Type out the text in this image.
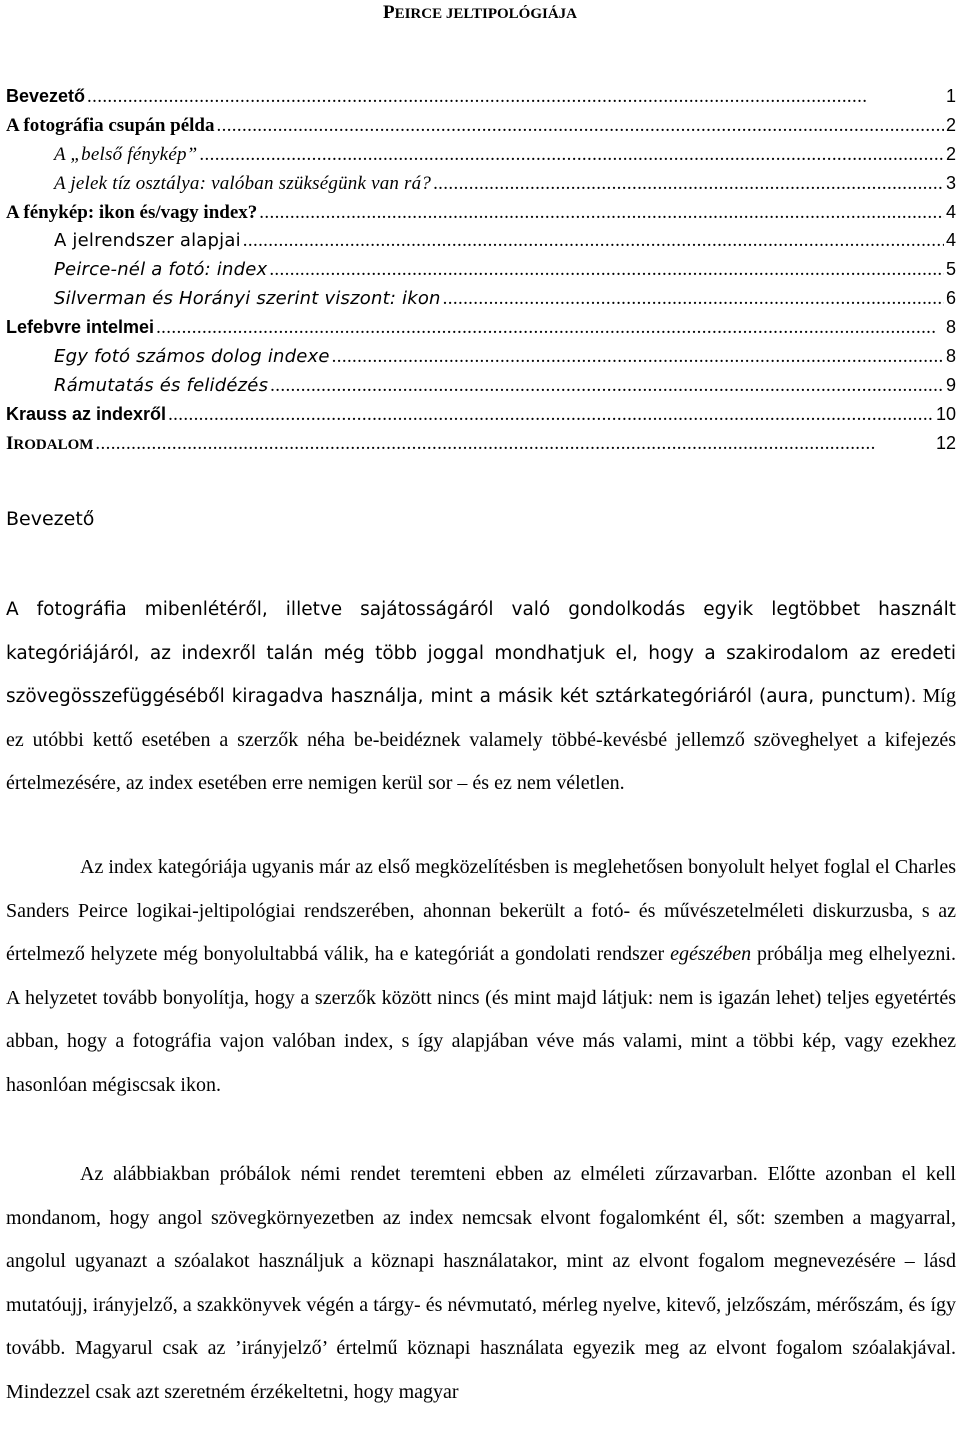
PEIRCE JELTIPOLÓGIÁJA
Bevezető . . .	1
A fotográfia csupán példa . . .	2
A „belső fénykép” . . .	2
A jelek tíz osztálya: valóban szükségünk van rá? . . .	3
A fénykép: ikon és/vagy index? . . .	4
A jelrendszer alapjai . . .	4
Peirce-nél a fotó: index . . .	5
Silverman és Horányi szerint viszont: ikon . . .	6
Lefebvre intelmei . . .	8
Egy fotó számos dolog indexe . . .	8
Rámutatás és felidézés . . .	9
Krauss az indexről . . .	10
IRODALOM . . .	12
Bevezető

A fotográfia mibenlétéről, illetve sajátosságáról való gondolkodás egyik legtöbbet használt kategóriájáról, az indexről talán még több joggal mondhatjuk el, hogy a szakirodalom az eredeti szövegösszefüggéséből kiragadva használja, mint a másik két sztárkategóriáról (aura, punctum). Míg ez utóbbi kettő esetében a szerzők néha be-beidéznek valamely többé-kevésbé jellemző szöveghelyet a kifejezés értelmezésére, az index esetében erre nemigen kerül sor – és ez nem véletlen.

Az index kategóriája ugyanis már az első megközelítésben is meglehetősen bonyolult helyet foglal el Charles Sanders Peirce logikai-jeltipológiai rendszerében, ahonnan bekerült a fotó- és művészetelméleti diskurzusba, s az értelmező helyzete még bonyolultabbá válik, ha e kategóriát a gondolati rendszer egészében próbálja meg elhelyezni. A helyzetet tovább bonyolítja, hogy a szerzők között nincs (és mint majd látjuk: nem is igazán lehet) teljes egyetértés abban, hogy a fotográfia vajon valóban index, s így alapjában véve más valami, mint a többi kép, vagy ezekhez hasonlóan mégiscsak ikon.

Az alábbiakban próbálok némi rendet teremteni ebben az elméleti zűrzavarban. Előtte azonban el kell mondanom, hogy angol szövegkörnyezetben az index nemcsak elvont fogalomként él, sőt: szemben a magyarral, angolul ugyanazt a szóalakot használjuk a köznapi használatakor, mint az elvont fogalom megnevezésére – lásd mutatóujj, irányjelző, a szakkönyvek végén a tárgy- és névmutató, mérleg nyelve, kitevő, jelzőszám, mérőszám, és így tovább. Magyarul csak az ’irányjelző’ értelmű köznapi használata egyezik meg az elvont fogalom szóalakjával. Mindezzel csak azt szeretném érzékeltetni, hogy magyar
